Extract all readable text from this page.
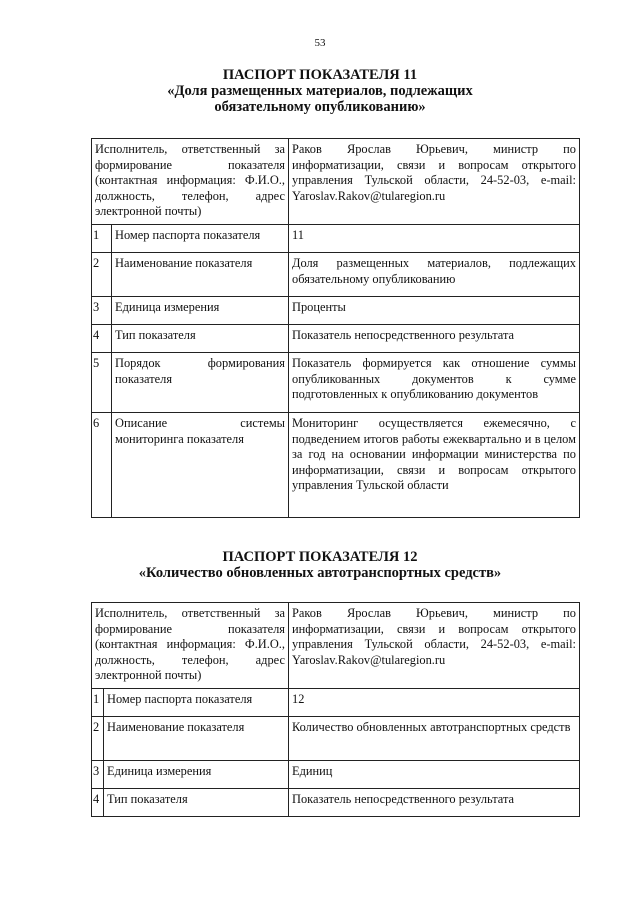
53
ПАСПОРТ ПОКАЗАТЕЛЯ 11
«Доля размещенных материалов, подлежащих
обязательному опубликованию»
Исполнитель, ответственный за формирование показателя (контактная информация: Ф.И.О., должность, телефон, адрес электронной почты)		Раков Ярослав Юрьевич, министр по информатизации, связи и вопросам открытого управления Тульской области, 24-52-03, e-mail: Yaroslav.Rakov@tularegion.ru
1	Номер паспорта показателя	11
2	Наименование показателя	Доля размещенных материалов, подлежащих обязательному опубликованию
3	Единица измерения	Проценты
4	Тип показателя	Показатель непосредственного результата
5	Порядок формирования показателя	Показатель формируется как отношение суммы опубликованных документов к сумме подготовленных к опубликованию документов
6	Описание системы мониторинга показателя	Мониторинг осуществляется ежемесячно, с подведением итогов работы ежеквартально и в целом за год на основании информации министерства по информатизации, связи и вопросам открытого управления Тульской области
ПАСПОРТ ПОКАЗАТЕЛЯ 12
«Количество обновленных автотранспортных средств»
Исполнитель, ответственный за формирование показателя (контактная информация: Ф.И.О., должность, телефон, адрес электронной почты)		Раков Ярослав Юрьевич, министр по информатизации, связи и вопросам открытого управления Тульской области, 24-52-03, e-mail: Yaroslav.Rakov@tularegion.ru
1	Номер паспорта показателя	12
2	Наименование показателя	Количество обновленных автотранспортных средств
3	Единица измерения	Единиц
4	Тип показателя	Показатель непосредственного результата
